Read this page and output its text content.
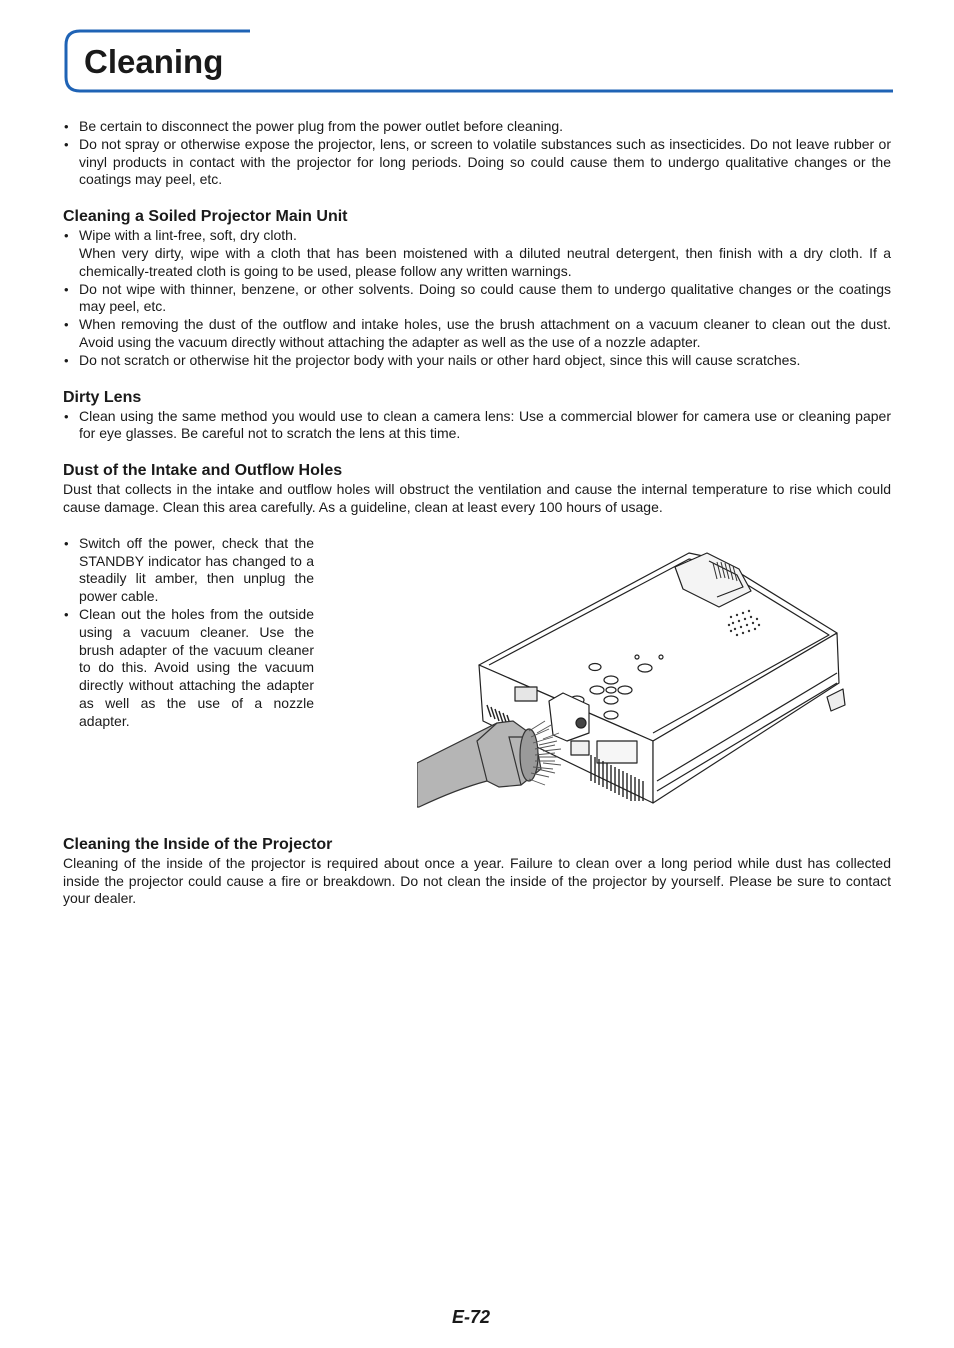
Cleaning
• Be certain to disconnect the power plug from the power outlet before cleaning.
• Do not spray or otherwise expose the projector, lens, or screen to volatile substances such as insecticides. Do not leave rubber or vinyl products in contact with the projector for long periods. Doing so could cause them to undergo qualitative changes or the coatings may peel, etc.
Cleaning a Soiled Projector Main Unit
• Wipe with a lint-free, soft, dry cloth.
When very dirty, wipe with a cloth that has been moistened with a diluted neutral detergent, then finish with a dry cloth. If a chemically-treated cloth is going to be used, please follow any written warnings.
• Do not wipe with thinner, benzene, or other solvents. Doing so could cause them to undergo qualitative changes or the coatings may peel, etc.
• When removing the dust of the outflow and intake holes, use the brush attachment on a vacuum cleaner to clean out the dust. Avoid using the vacuum directly without attaching the adapter as well as the use of a nozzle adapter.
• Do not scratch or otherwise hit the projector body with your nails or other hard object, since this will cause scratches.
Dirty Lens
• Clean using the same method you would use to clean a camera lens: Use a commercial blower for camera use or cleaning paper for eye glasses. Be careful not to scratch the lens at this time.
Dust of the Intake and Outflow Holes

Dust that collects in the intake and outflow holes will obstruct the ventilation and cause the internal temperature to rise which could cause damage. Clean this area carefully. As a guideline, clean at least every 100 hours of usage.

• Switch off the power, check that the STANDBY indicator has changed to a steadily lit amber, then unplug the power cable.
• Clean out the holes from the outside using a vacuum cleaner. Use the brush adapter of the vacuum cleaner to do this. Avoid using the vacuum directly without attaching the adapter as well as the use of a nozzle adapter.
Cleaning the Inside of the Projector

Cleaning of the inside of the projector is required about once a year. Failure to clean over a long period while dust has collected inside the projector could cause a fire or breakdown. Do not clean the inside of the projector by yourself. Please be sure to contact your dealer.

E-72
